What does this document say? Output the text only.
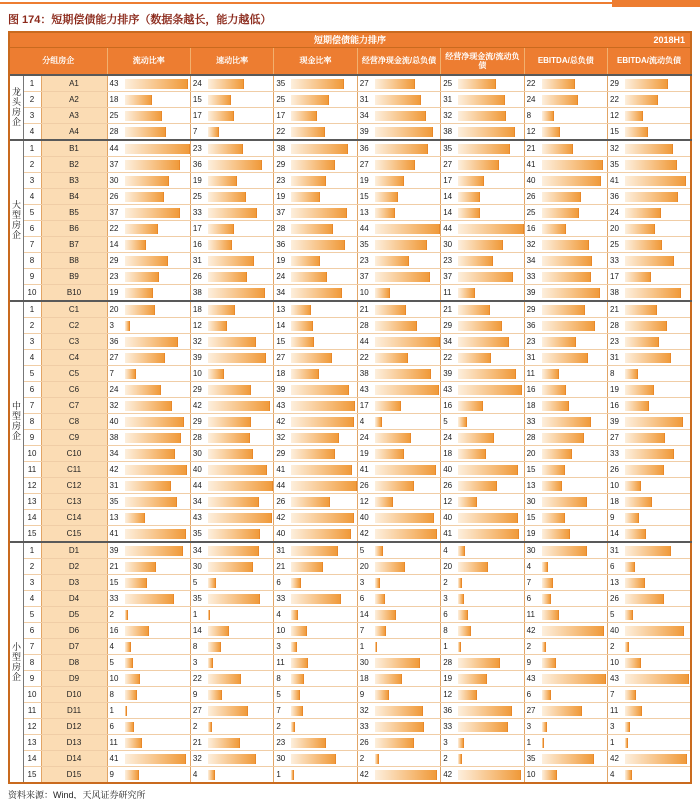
图 174：短期偿债能力排序（数据条越长，能力越低）
短期偿债能力排序 2018H1									

分组房企			流动比率	速动比率	现金比率	经营净现金流/总负债	经营净现金流/流动负债	EBITDA/总负债	EBITDA/流动负债
龙头房企	1	A1	43	24	35	27	25	22	29

	2	A2	18	15	25	31	31	24	22

	3	A3	25	17	17	34	32	8	12

	4	A4	28	7	22	39	38	12	15

大型房企	1	B1	44	23	38	36	35	21	32

	2	B2	37	36	29	27	27	41	35

	3	B3	30	19	23	19	17	40	41

	4	B4	26	25	19	15	14	26	36

	5	B5	37	33	37	13	14	25	24

	6	B6	22	17	28	44	44	16	20

	7	B7	14	16	36	35	30	32	25

	8	B8	29	31	19	23	23	34	33

	9	B9	23	26	24	37	37	33	17

	10	B10	19	38	34	10	11	39	38

中型房企	1	C1	20	18	13	21	21	29	21

	2	C2	3	12	14	28	29	36	28

	3	C3	36	32	15	44	34	23	23

	4	C4	27	39	27	22	22	31	31

	5	C5	7	10	18	38	39	11	8

	6	C6	24	29	39	43	43	16	19

	7	C7	32	42	43	17	16	18	16

	8	C8	40	29	42	4	5	33	39

	9	C9	38	28	32	24	24	28	27

	10	C10	34	30	29	19	18	20	33

	11	C11	42	40	41	41	40	15	26

	12	C12	31	44	44	26	26	13	10

	13	C13	35	34	26	12	12	30	18

	14	C14	13	43	42	40	40	15	9

	15	C15	41	35	40	42	41	19	14

小型房企	1	D1	39	34	31	5	4	30	31

	2	D2	21	30	21	20	20	4	6

	3	D3	15	5	6	3	2	7	13

	4	D4	33	35	33	6	3	6	26

	5	D5	2	1	4	14	6	11	5

	6	D6	16	14	10	7	8	42	40

	7	D7	4	8	3	1	1	2	2

	8	D8	5	3	11	30	28	9	10

	9	D9	10	22	8	18	19	43	43

	10	D10	8	9	5	9	12	6	7

	11	D11	1	27	7	32	36	27	11

	12	D12	6	2	2	33	33	3	3

	13	D13	11	21	23	26	3	1	1

	14	D14	41	32	30	2	2	35	42

	15	D15	9	4	1	42	42	10	4
资料来源：Wind，天风证券研究所
